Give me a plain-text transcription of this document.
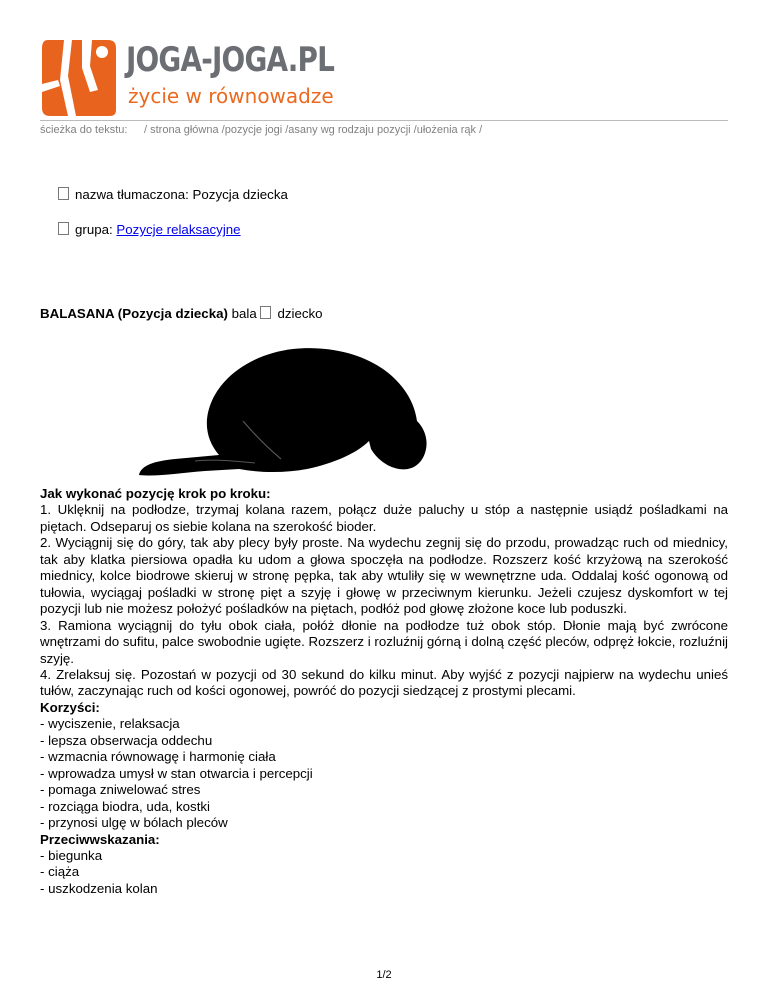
JOGA-JOGA.PL
życie w równowadze
ścieżka do tekstu: / strona główna /pozycje jogi /asany wg rodzaju pozycji /ułożenia rąk /
nazwa tłumaczona: Pozycja dziecka
grupa: Pozycje relaksacyjne
BALASANA (Pozycja dziecka) bala dziecko

Jak wykonać pozycję krok po kroku:

1. Uklęknij na podłodze, trzymaj kolana razem, połącz duże paluchy u stóp a następnie usiądź pośladkami na piętach. Odseparuj os siebie kolana na szerokość bioder.

2. Wyciągnij się do góry, tak aby plecy były proste. Na wydechu zegnij się do przodu, prowadząc ruch od miednicy, tak aby klatka piersiowa opadła ku udom a głowa spoczęła na podłodze. Rozszerz kość krzyżową na szerokość miednicy, kolce biodrowe skieruj w stronę pępka, tak aby wtuliły się w wewnętrzne uda. Oddalaj kość ogonową od tułowia, wyciągaj pośladki w stronę pięt a szyję i głowę w przeciwnym kierunku. Jeżeli czujesz dyskomfort w tej pozycji lub nie możesz położyć pośladków na piętach, podłóż pod głowę złożone koce lub poduszki.

3. Ramiona wyciągnij do tyłu obok ciała, połóż dłonie na podłodze tuż obok stóp. Dłonie mają być zwrócone wnętrzami do sufitu, palce swobodnie ugięte. Rozszerz i rozluźnij górną i dolną część pleców, odpręż łokcie, rozluźnij szyję.

4. Zrelaksuj się. Pozostań w pozycji od 30 sekund do kilku minut. Aby wyjść z pozycji najpierw na wydechu unieś tułów, zaczynając ruch od kości ogonowej, powróć do pozycji siedzącej z prostymi plecami.

Korzyści:

- wyciszenie, relaksacja
- lepsza obserwacja oddechu
- wzmacnia równowagę i harmonię ciała
- wprowadza umysł w stan otwarcia i percepcji
- pomaga zniwelować stres
- rozciąga biodra, uda, kostki
- przynosi ulgę w bólach pleców

Przeciwwskazania:

- biegunka
- ciąża
- uszkodzenia kolan
1/2
